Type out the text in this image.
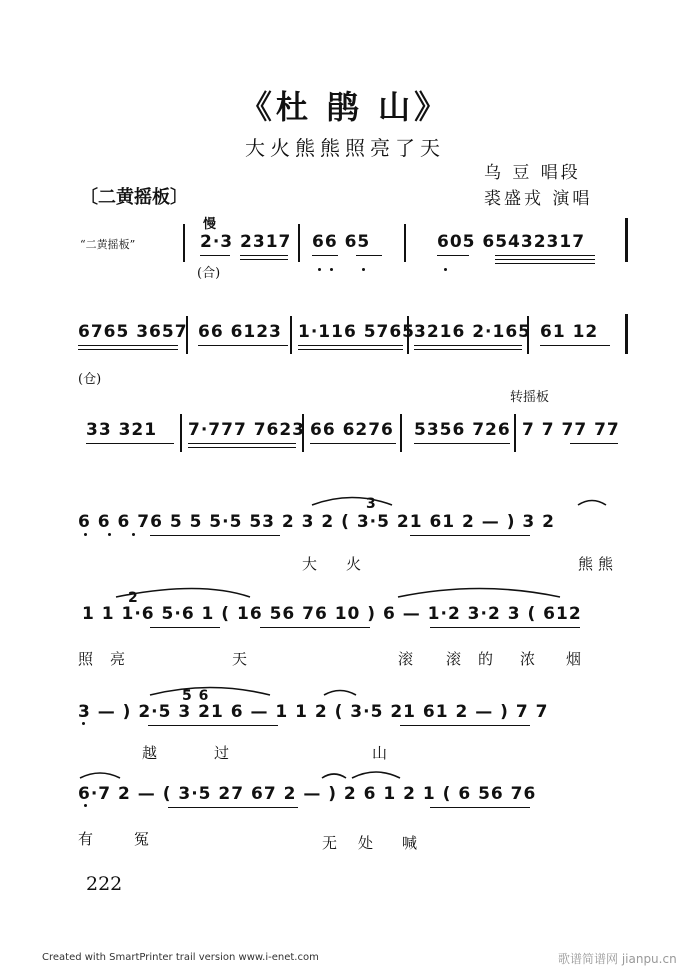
《杜 鹃 山》
大火熊熊照亮了天
乌 豆 唱段
裘盛戎 演唱
〔二黄摇板〕
慢
“二黄摇板”	2·3 2317 66 65	605 65432317
(合)
6765 3657 66 6123 1·116 5765
3216 2·165 61 12
(仓)
转摇板
33 321 7·777 7623 66 6276 5356 726 7 7 77 77
6 6 6 76 5 5 5·5 53 2 3 2 ( 3·5 21 61 2 — ) 3 2
3
大 火	熊 熊
1 1 1·6 5·6 1 ( 16 56 76 10 ) 6 — 1·2 3·2 3 ( 612
2
照 亮	天	滚 滚 的 浓 烟
3 — ) 2·5 3 21 6 — 1 1 2 ( 3·5 21 61 2 — ) 7 7
5 6
越	过	山
6·7 2 — ( 3·5 27 67 2 — ) 2 6 1 2 1 ( 6 56 76
有	冤	无 处 喊
222
Created with SmartPrinter trail version www.i-enet.com	歌谱简谱网 jianpu.cn
